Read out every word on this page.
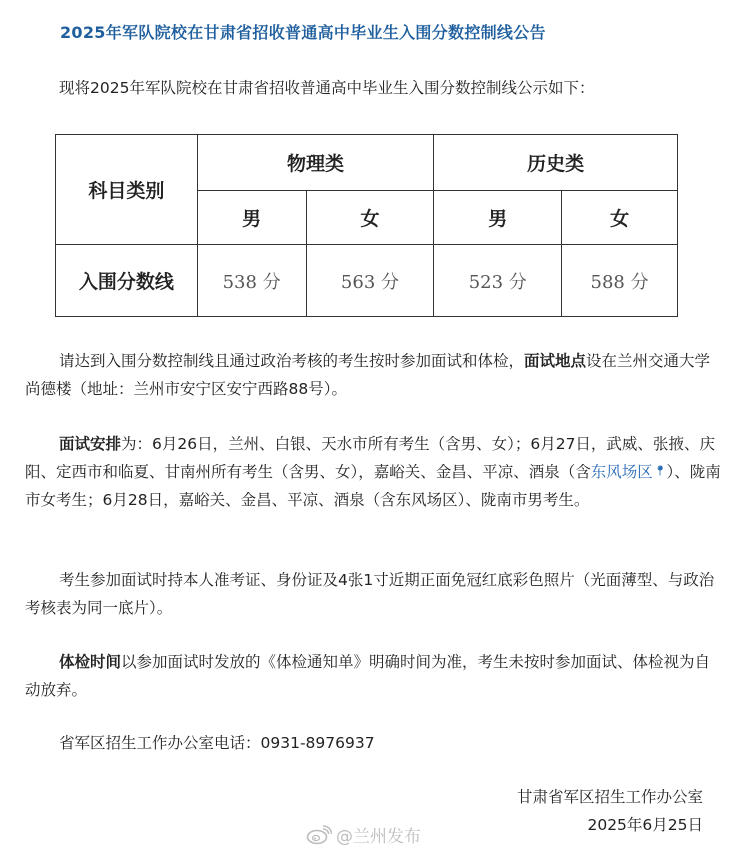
2025年军队院校在甘肃省招收普通高中毕业生入围分数控制线公告
现将2025年军队院校在甘肃省招收普通高中毕业生入围分数控制线公示如下：
科目类别	物理类		历史类	
	男	女	男	女
入围分数线	538 分	563 分	523 分	588 分
请达到入围分数控制线且通过政治考核的考生按时参加面试和体检，面试地点设在兰州交通大学尚德楼（地址：兰州市安宁区安宁西路88号）。
面试安排为：6月26日，兰州、白银、天水市所有考生（含男、女）；6月27日，武威、张掖、庆阳、定西市和临夏、甘南州所有考生（含男、女），嘉峪关、金昌、平凉、酒泉（含东风场区📍︎）、陇南市女考生；6月28日，嘉峪关、金昌、平凉、酒泉（含东风场区）、陇南市男考生。
考生参加面试时持本人准考证、身份证及4张1寸近期正面免冠红底彩色照片（光面薄型、与政治考核表为同一底片）。
体检时间以参加面试时发放的《体检通知单》明确时间为准，考生未按时参加面试、体检视为自动放弃。
省军区招生工作办公室电话：0931-8976937
甘肃省军区招生工作办公室
2025年6月25日
@兰州发布
